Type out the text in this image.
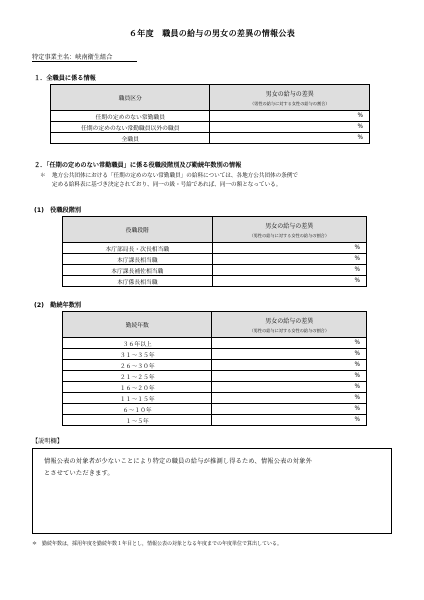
６年度　職員の給与の男女の差異の情報公表
特定事業主名：峡南衛生組合
１．全職員に係る情報
職員区分	男女の給与の差異
（男性の給与に対する女性の給与の割合）

任期の定めのない常勤職員	%
任期の定めのない常勤職員以外の職員	%
全職員	%
２．「任期の定めのない常勤職員」に係る役職段階別及び勤続年数別の情報
＊ 地方公共団体における「任期の定めのない常勤職員」の給料については、各地方公共団体の条例で
定める給料表に基づき決定されており、同一の級・号給であれば、同一の額となっている。
(1)　役職段階別
役職段階	男女の給与の差異
（男性の給与に対する女性の給与の割合）

本庁部局長・次長相当職	%
本庁課長相当職	%
本庁課長補佐相当職	%
本庁係長相当職	%
(2)　勤続年数別
勤続年数	男女の給与の差異
（男性の給与に対する女性の給与の割合）

３６年以上	%
３１～３５年	%
２６～３０年	%
２１～２５年	%
１６～２０年	%
１１～１５年	%
６～１０年	%
１～５年	%
【説明欄】
情報公表の対象者が少ないことにより特定の職員の給与が推測し得るため、情報公表の対象外
とさせていただきます。
＊　勤続年数は，採用年度を勤続年数１年目とし，情報公表の対象となる年度までの年度単位で算出している。
